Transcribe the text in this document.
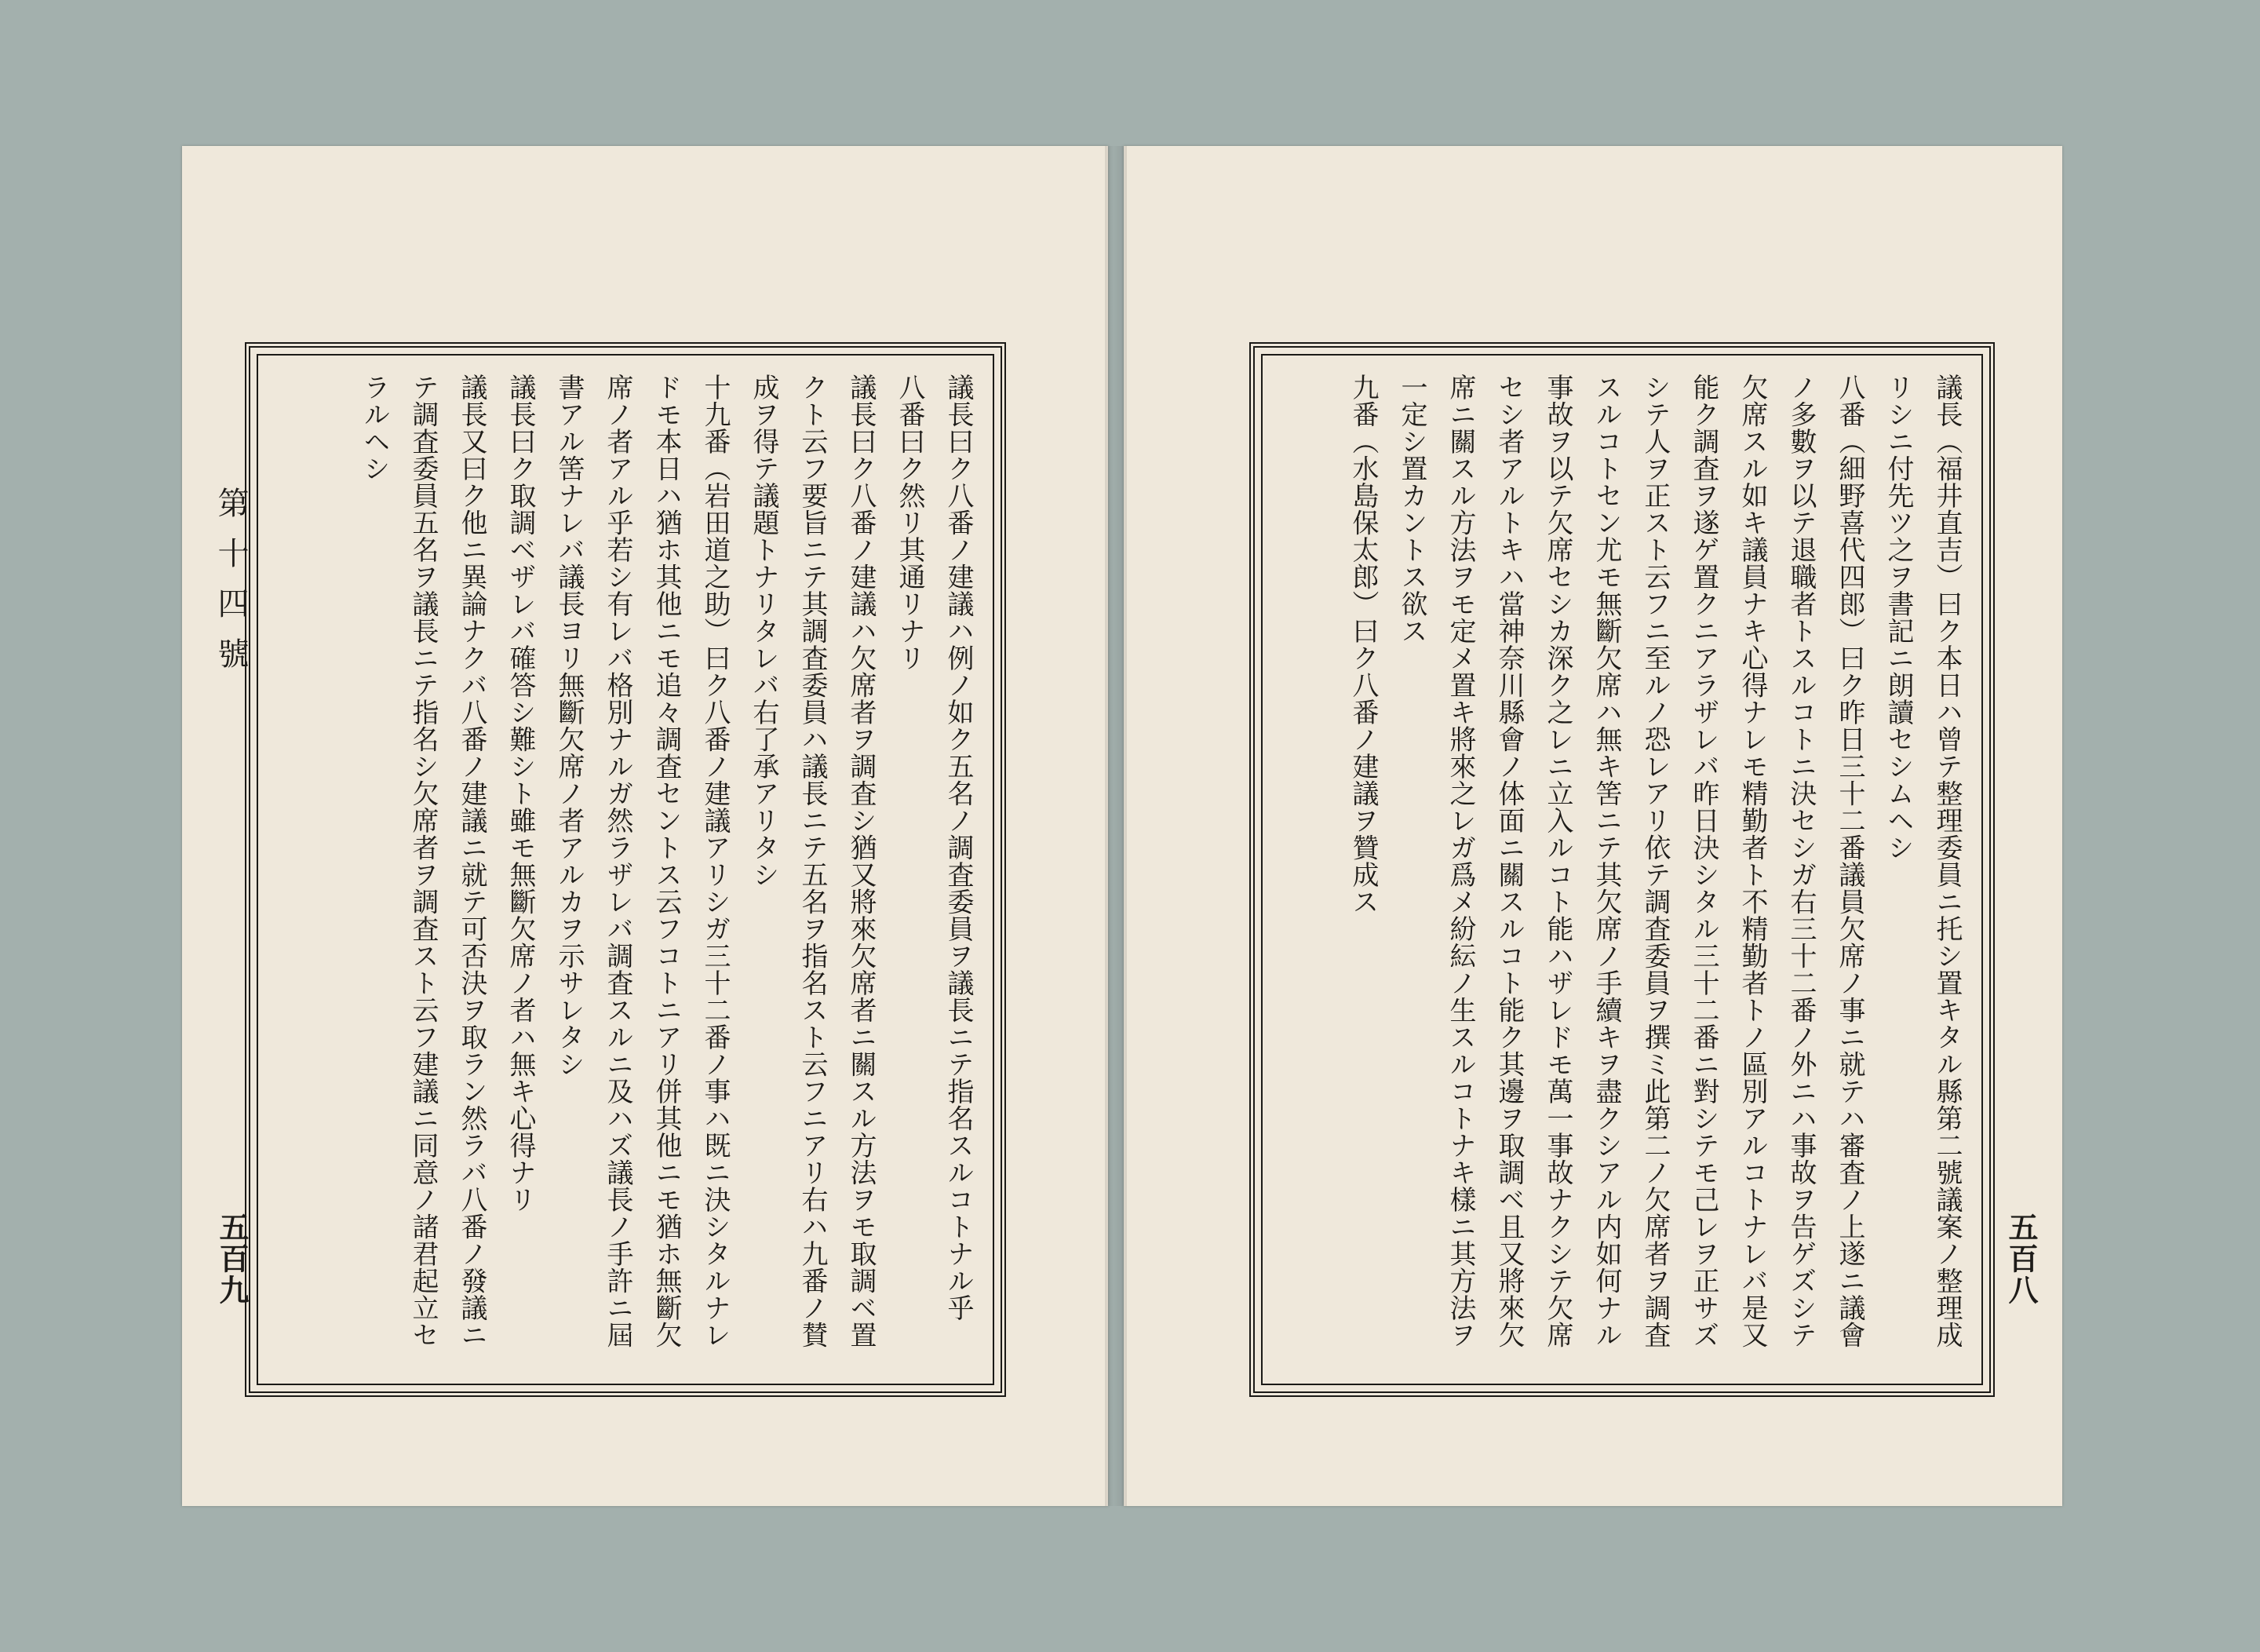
第十四號
五百九	五百八

議長（福井直吉）曰ク本日ハ曾テ整理委員ニ托シ置キタル縣第二號議案ノ整理成リシニ付先ツ之ヲ書記ニ朗讀セシムヘシ

八番（細野喜代四郎）曰ク昨日三十二番議員欠席ノ事ニ就テハ審査ノ上遂ニ議會ノ多數ヲ以テ退職者トスルコトニ決セシガ右三十二番ノ外ニハ事故ヲ告ゲズシテ欠席スル如キ議員ナキ心得ナレモ精勤者ト不精勤者トノ區別アルコトナレバ是又能ク調査ヲ遂ゲ置クニアラザレバ昨日決シタル三十二番ニ對シテモ己レヲ正サズシテ人ヲ正スト云フニ至ルノ恐レアリ依テ調査委員ヲ撰ミ此第二ノ欠席者ヲ調査スルコトセン尤モ無斷欠席ハ無キ筈ニテ其欠席ノ手續キヲ盡クシアル内如何ナル事故ヲ以テ欠席セシカ深ク之レニ立入ルコト能ハザレドモ萬一事故ナクシテ欠席セシ者アルトキハ當神奈川縣會ノ体面ニ關スルコト能ク其邊ヲ取調ベ且又將來欠席ニ關スル方法ヲモ定メ置キ將來之レガ爲メ紛紜ノ生スルコトナキ樣ニ其方法ヲ一定シ置カントス欲ス

九番（水島保太郎）曰ク八番ノ建議ヲ贊成ス

議長曰ク八番ノ建議ハ例ノ如ク五名ノ調査委員ヲ議長ニテ指名スルコトナル乎

八番曰ク然リ其通リナリ

議長曰ク八番ノ建議ハ欠席者ヲ調査シ猶又將來欠席者ニ關スル方法ヲモ取調ベ置クト云フ要旨ニテ其調査委員ハ議長ニテ五名ヲ指名スト云フニアリ右ハ九番ノ賛成ヲ得テ議題トナリタレバ右了承アリタシ

十九番（岩田道之助）曰ク八番ノ建議アリシガ三十二番ノ事ハ既ニ決シタルナレドモ本日ハ猶ホ其他ニモ追々調査セントス云フコトニアリ併其他ニモ猶ホ無斷欠席ノ者アル乎若シ有レバ格別ナルガ然ラザレバ調査スルニ及ハズ議長ノ手許ニ屆書アル筈ナレバ議長ヨリ無斷欠席ノ者アルカヲ示サレタシ

議長曰ク取調ベザレバ確答シ難シト雖モ無斷欠席ノ者ハ無キ心得ナリ

議長又曰ク他ニ異論ナクバ八番ノ建議ニ就テ可否決ヲ取ラン然ラバ八番ノ發議ニテ調査委員五名ヲ議長ニテ指名シ欠席者ヲ調査スト云フ建議ニ同意ノ諸君起立セラルヘシ
